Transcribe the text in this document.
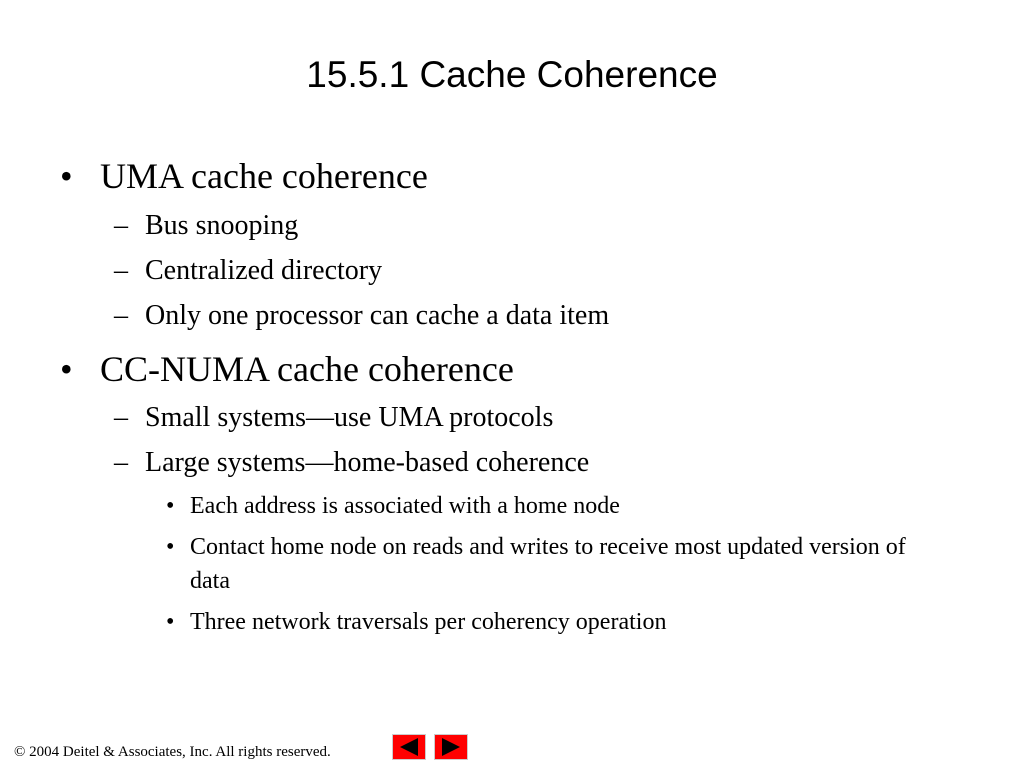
15.5.1 Cache Coherence
• UMA cache coherence
– Bus snooping
– Centralized directory
– Only one processor can cache a data item
• CC-NUMA cache coherence
– Small systems—use UMA protocols
– Large systems—home-based coherence
• Each address is associated with a home node
• Contact home node on reads and writes to receive most updated version of data
• Three network traversals per coherency operation
© 2004 Deitel & Associates, Inc. All rights reserved.
